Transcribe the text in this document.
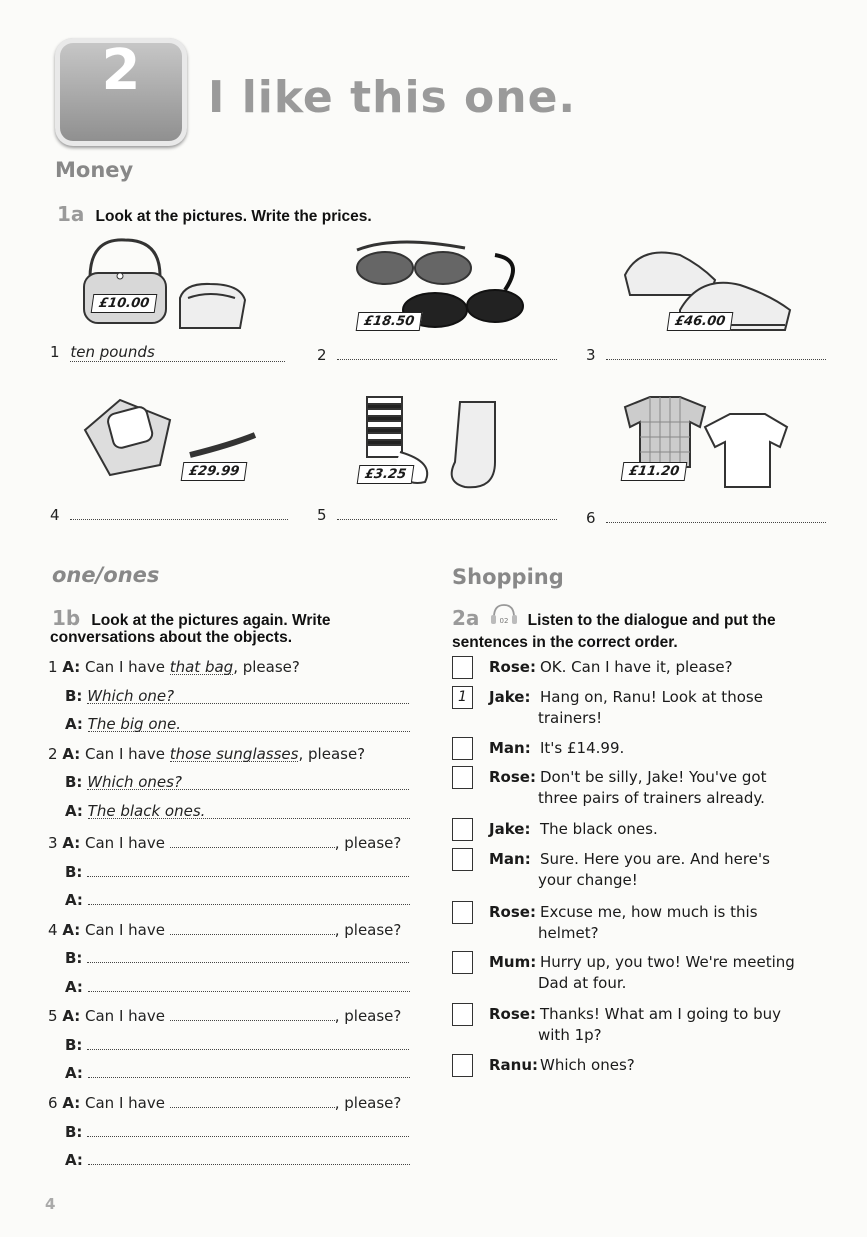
2	I like this one.
Money
1a Look at the pictures. Write the prices.
£10.00
£18.50	£46.00
1 ten pounds	2	3
£29.99	£3.25	£11.20
4	5	6
one/ones
1b Look at the pictures again. Write
conversations about the objects.
1 A: Can I have that bag, please?
B: Which one?
A: The big one.
2 A: Can I have those sunglasses, please?
B: Which ones?
A: The black ones.
3 A: Can I have	, please?
B:
A:
4 A: Can I have	, please?
B:
A:
5 A: Can I have	, please?
B:
A:
6 A: Can I have	, please?
B:
A:
Shopping
2a	02 Listen to the dialogue and put the
sentences in the correct order.
Rose: OK. Can I have it, please?
1	Jake: Hang on, Ranu! Look at those
trainers!
Man: It's £14.99.
Rose: Don't be silly, Jake! You've got
three pairs of trainers already.
Jake: The black ones.
Man: Sure. Here you are. And here's
your change!
Rose: Excuse me, how much is this
helmet?
Mum: Hurry up, you two! We're meeting
Dad at four.
Rose: Thanks! What am I going to buy
with 1p?
Ranu: Which ones?
4
